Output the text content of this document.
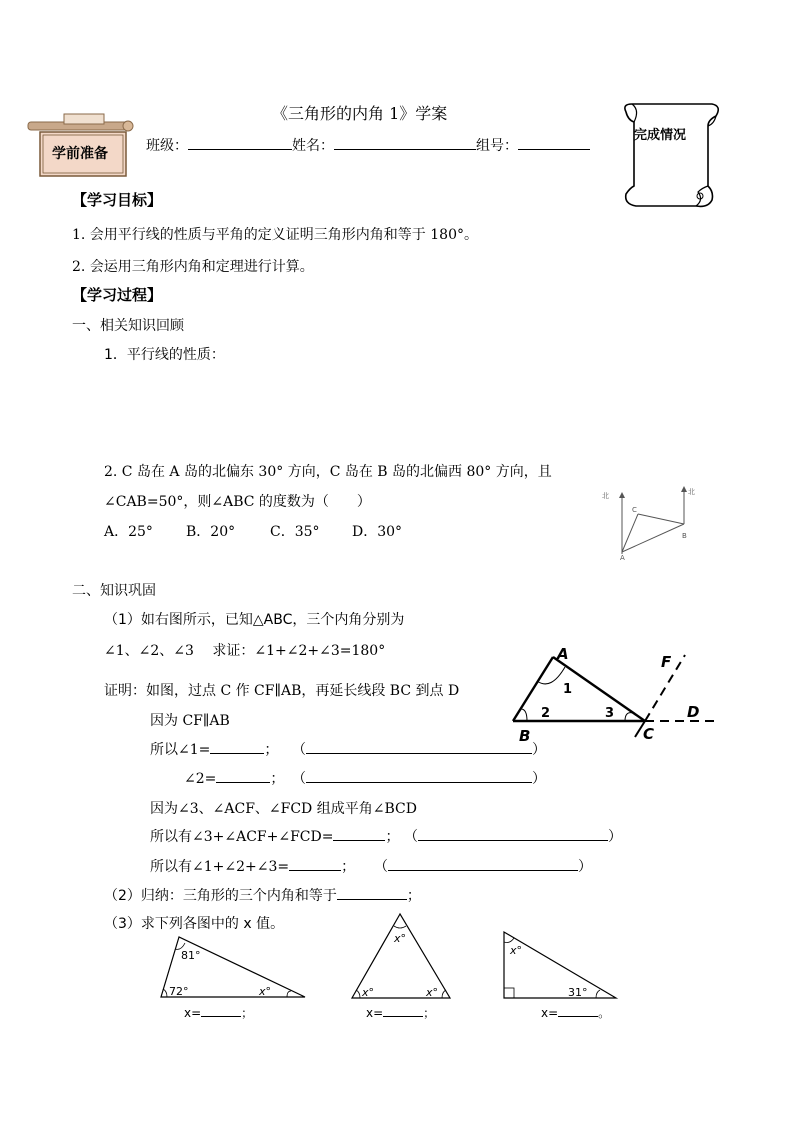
学前准备
完成情况
《三角形的内角 1》学案
班级：	姓名：	组号：
【学习目标】
1. 会用平行线的性质与平角的定义证明三角形内角和等于 180°。
2. 会运用三角形内角和定理进行计算。
【学习过程】
一、相关知识回顾
1．平行线的性质：
2. C 岛在 A 岛的北偏东 30° 方向，C 岛在 B 岛的北偏西 80° 方向，且
∠CAB=50°，则∠ABC 的度数为（　　）
A．25° B．20° C．35° D．30°
北	北
C
A
B
二、知识巩固
（1）如右图所示，已知△ABC，三个内角分别为
∠1、∠2、∠3　 求证：∠1+∠2+∠3=180°
证明：如图，过点 C 作 CF∥AB，再延长线段 BC 到点 D
因为 CF∥AB
所以∠1=	； （	）
∠2=	； （	）
因为∠3、∠ACF、∠FCD 组成平角∠BCD
所以有∠3+∠ACF+∠FCD=	； （	）
所以有∠1+∠2+∠3=	； （	）
（2）归纳：三角形的三个内角和等于	；
（3）求下列各图中的 x 值。
A
B	C
D
F
1
2	3
81°
72°	x°
x=	；
x°
x°	x°
x=	；
x°
31°
x=	。
